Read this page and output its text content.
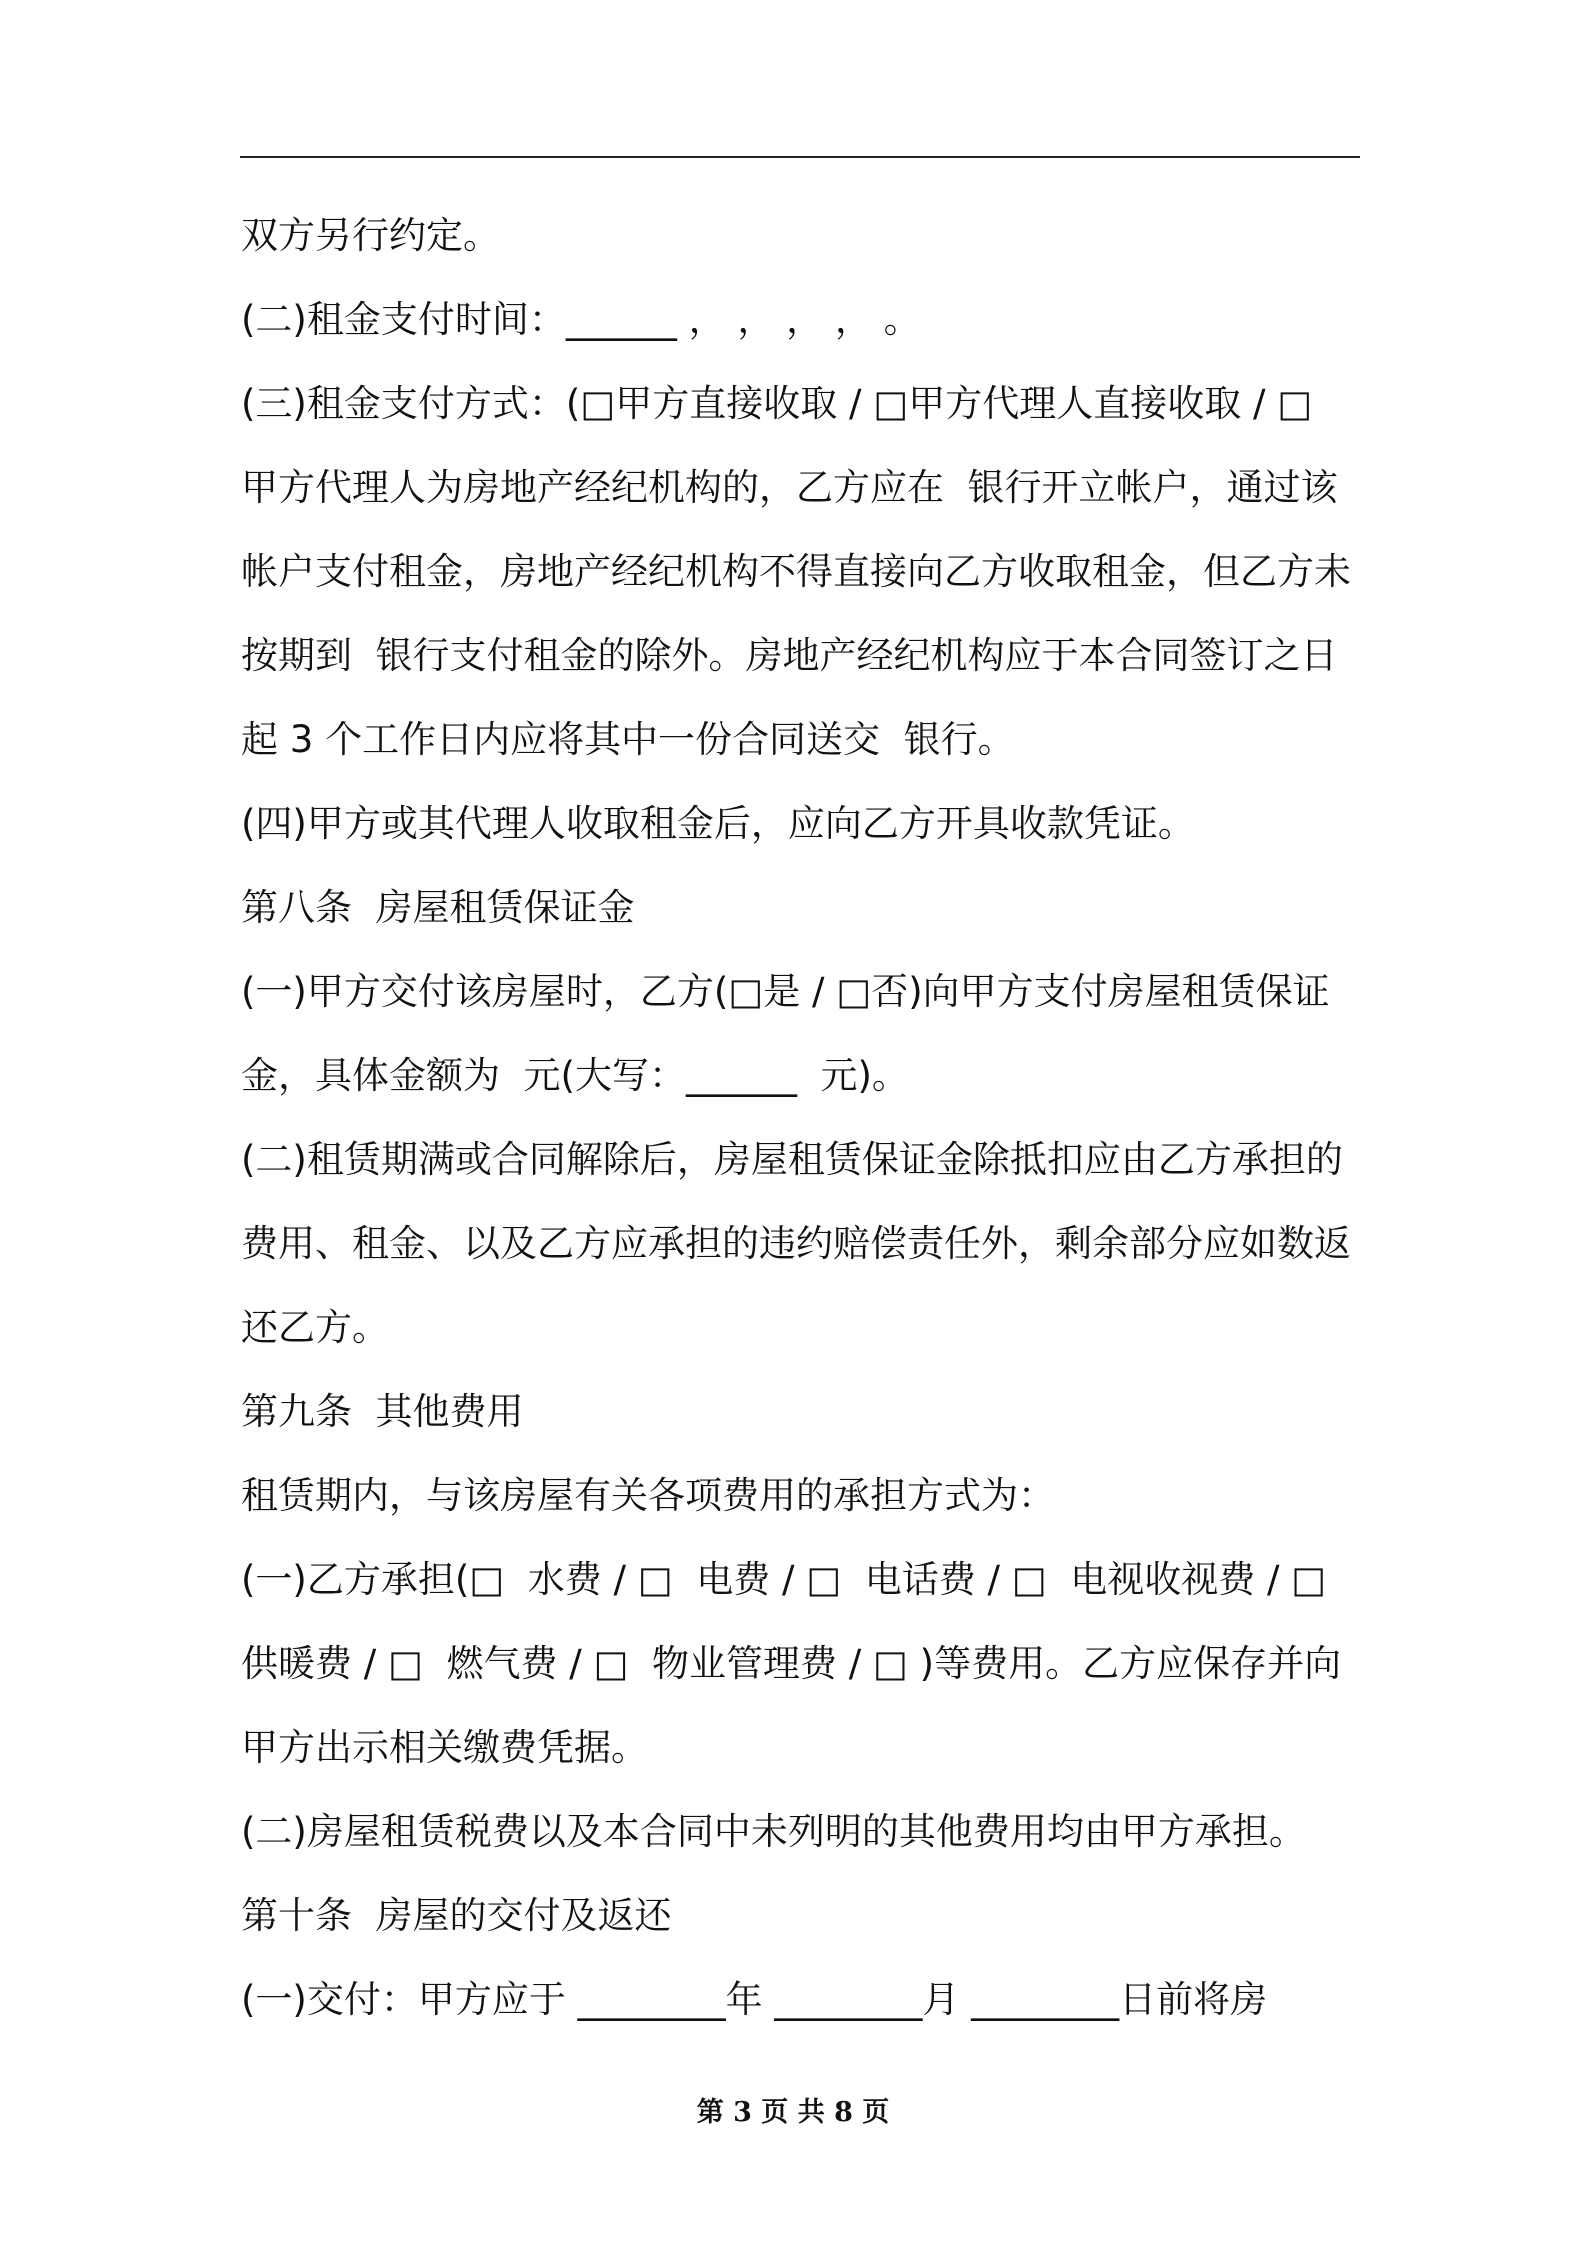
双方另行约定。
(二)租金支付时间：______ ， ， ， ， 。
(三)租金支付方式：(□甲方直接收取 / □甲方代理人直接收取 / □
甲方代理人为房地产经纪机构的，乙方应在  银行开立帐户，通过该
帐户支付租金，房地产经纪机构不得直接向乙方收取租金，但乙方未
按期到  银行支付租金的除外。房地产经纪机构应于本合同签订之日
起 3 个工作日内应将其中一份合同送交  银行。
(四)甲方或其代理人收取租金后，应向乙方开具收款凭证。
第八条  房屋租赁保证金
(一)甲方交付该房屋时，乙方(□是 / □否)向甲方支付房屋租赁保证
金，具体金额为  元(大写：______  元)。
(二)租赁期满或合同解除后，房屋租赁保证金除抵扣应由乙方承担的
费用、租金、以及乙方应承担的违约赔偿责任外，剩余部分应如数返
还乙方。
第九条  其他费用
租赁期内，与该房屋有关各项费用的承担方式为：
(一)乙方承担(□  水费 / □  电费 / □  电话费 / □  电视收视费 / □
供暖费 / □  燃气费 / □  物业管理费 / □ )等费用。乙方应保存并向
甲方出示相关缴费凭据。
(二)房屋租赁税费以及本合同中未列明的其他费用均由甲方承担。
第十条  房屋的交付及返还
(一)交付：甲方应于 ________年 ________月 ________日前将房
第 3 页 共 8 页
